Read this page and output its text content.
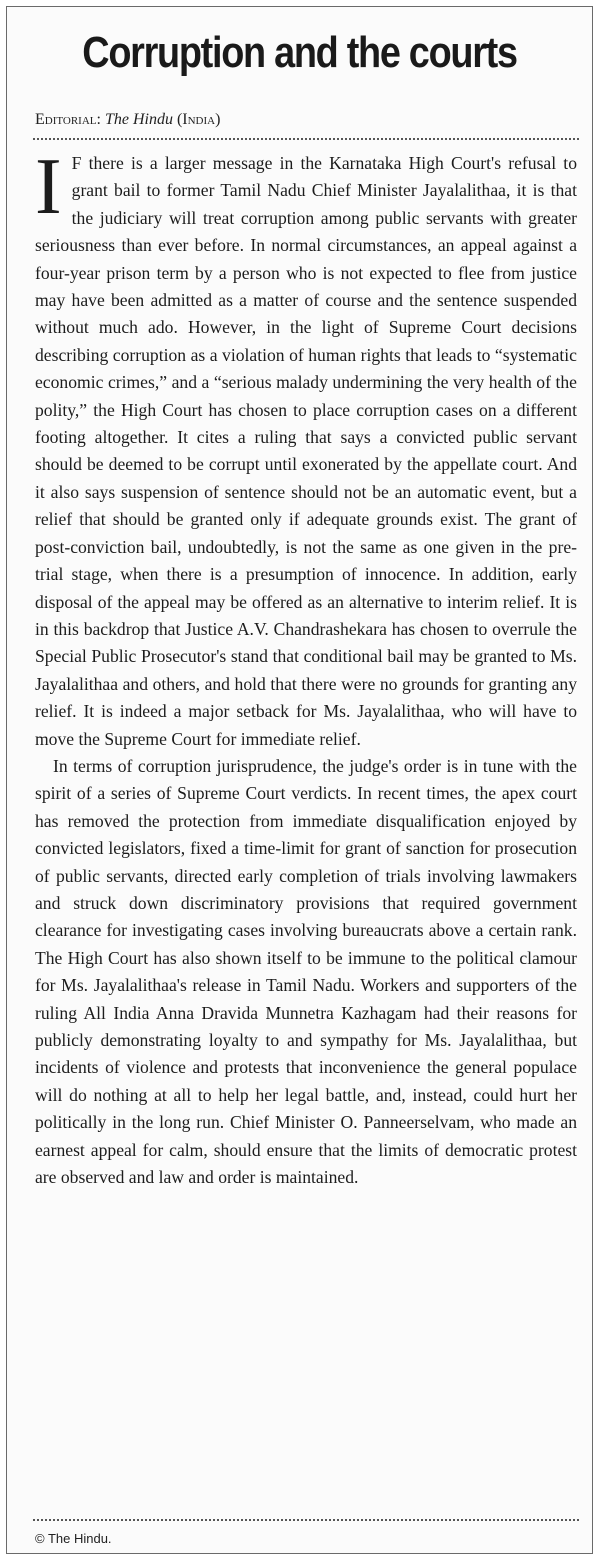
Corruption and the courts
Editorial: The Hindu (India)

I F there is a larger message in the Karnataka High Court's refusal to grant bail to former Tamil Nadu Chief Minister Jayalalithaa, it is that the judiciary will treat corruption among public servants with greater seriousness than ever before. In normal circumstances, an appeal against a four-year prison term by a person who is not expected to flee from justice may have been admitted as a matter of course and the sentence suspended without much ado. However, in the light of Supreme Court decisions describing corruption as a violation of human rights that leads to “systematic economic crimes,” and a “serious malady undermining the very health of the polity,” the High Court has chosen to place corruption cases on a different footing altogether. It cites a ruling that says a convicted public servant should be deemed to be corrupt until exonerated by the appellate court. And it also says suspension of sentence should not be an automatic event, but a relief that should be granted only if adequate grounds exist. The grant of post-conviction bail, undoubtedly, is not the same as one given in the pre-trial stage, when there is a presumption of innocence. In addition, early disposal of the appeal may be offered as an alternative to interim relief. It is in this backdrop that Justice A.V. Chandrashekara has chosen to overrule the Special Public Prosecutor's stand that conditional bail may be granted to Ms. Jayalalithaa and others, and hold that there were no grounds for granting any relief. It is indeed a major setback for Ms. Jayalalithaa, who will have to move the Supreme Court for immediate relief.

In terms of corruption jurisprudence, the judge's order is in tune with the spirit of a series of Supreme Court verdicts. In recent times, the apex court has removed the protection from immediate disqualification enjoyed by convicted legislators, fixed a time-limit for grant of sanction for prosecution of public servants, directed early completion of trials involving lawmakers and struck down discriminatory provisions that required government clearance for investigating cases involving bureaucrats above a certain rank. The High Court has also shown itself to be immune to the political clamour for Ms. Jayalalithaa's release in Tamil Nadu. Workers and supporters of the ruling All India Anna Dravida Munnetra Kazhagam had their reasons for publicly demonstrating loyalty to and sympathy for Ms. Jayalalithaa, but incidents of violence and protests that inconvenience the general populace will do nothing at all to help her legal battle, and, instead, could hurt her politically in the long run. Chief Minister O. Panneerselvam, who made an earnest appeal for calm, should ensure that the limits of democratic protest are observed and law and order is maintained.

© The Hindu.
